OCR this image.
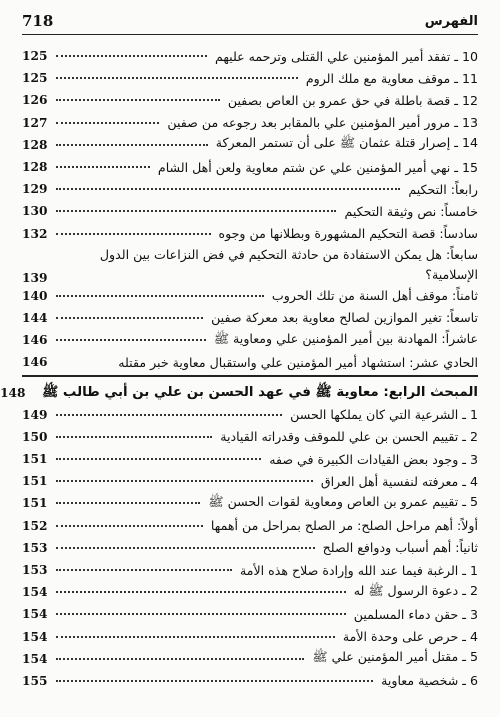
718	الفهرس
10 ـ تفقد أمير المؤمنين علي القتلى وترحمه عليهم
125
11 ـ موقف معاوية مع ملك الروم
125
12 ـ قصة باطلة في حق عمرو بن العاص بصفين
126
13 ـ مرور أمير المؤمنين علي بالمقابر بعد رجوعه من صفين
127
14 ـ إصرار قتلة عثمان ﷺ على أن تستمر المعركة
128
15 ـ نهي أمير المؤمنين علي عن شتم معاوية ولعن أهل الشام
128
رابعاً: التحكيم
129
خامساً: نص وثيقة التحكيم
130
سادساً: قصة التحكيم المشهورة وبطلانها من وجوه
132
سابعاً: هل يمكن الاستفادة من حادثة التحكيم في فض النزاعات بين الدول الإسلامية؟
139
ثامناً: موقف أهل السنة من تلك الحروب
140
تاسعاً: تغير الموازين لصالح معاوية بعد معركة صفين
144
عاشراً: المهادنة بين أمير المؤمنين علي ومعاوية ﷺ
146
الحادي عشر: استشهاد أمير المؤمنين علي واستقبال معاوية خبر مقتله
146
المبحث الرابع: معاوية ﷺ في عهد الحسن بن علي بن أبي طالب ﷺ
148
1 ـ الشرعية التي كان يملكها الحسن
149
2 ـ تقييم الحسن بن علي للموقف وقدراته القيادية
150
3 ـ وجود بعض القيادات الكبيرة في صفه
151
4 ـ معرفته لنفسية أهل العراق
151
5 ـ تقييم عمرو بن العاص ومعاوية لقوات الحسن ﷺ
151
أولاً: أهم مراحل الصلح: مر الصلح بمراحل من أهمها
152
ثانياً: أهم أسباب ودوافع الصلح
153
1 ـ الرغبة فيما عند الله وإرادة صلاح هذه الأمة
153
2 ـ دعوة الرسول ﷺ له
154
3 ـ حقن دماء المسلمين
154
4 ـ حرص على وحدة الأمة
154
5 ـ مقتل أمير المؤمنين علي ﷺ
154
6 ـ شخصية معاوية
155
